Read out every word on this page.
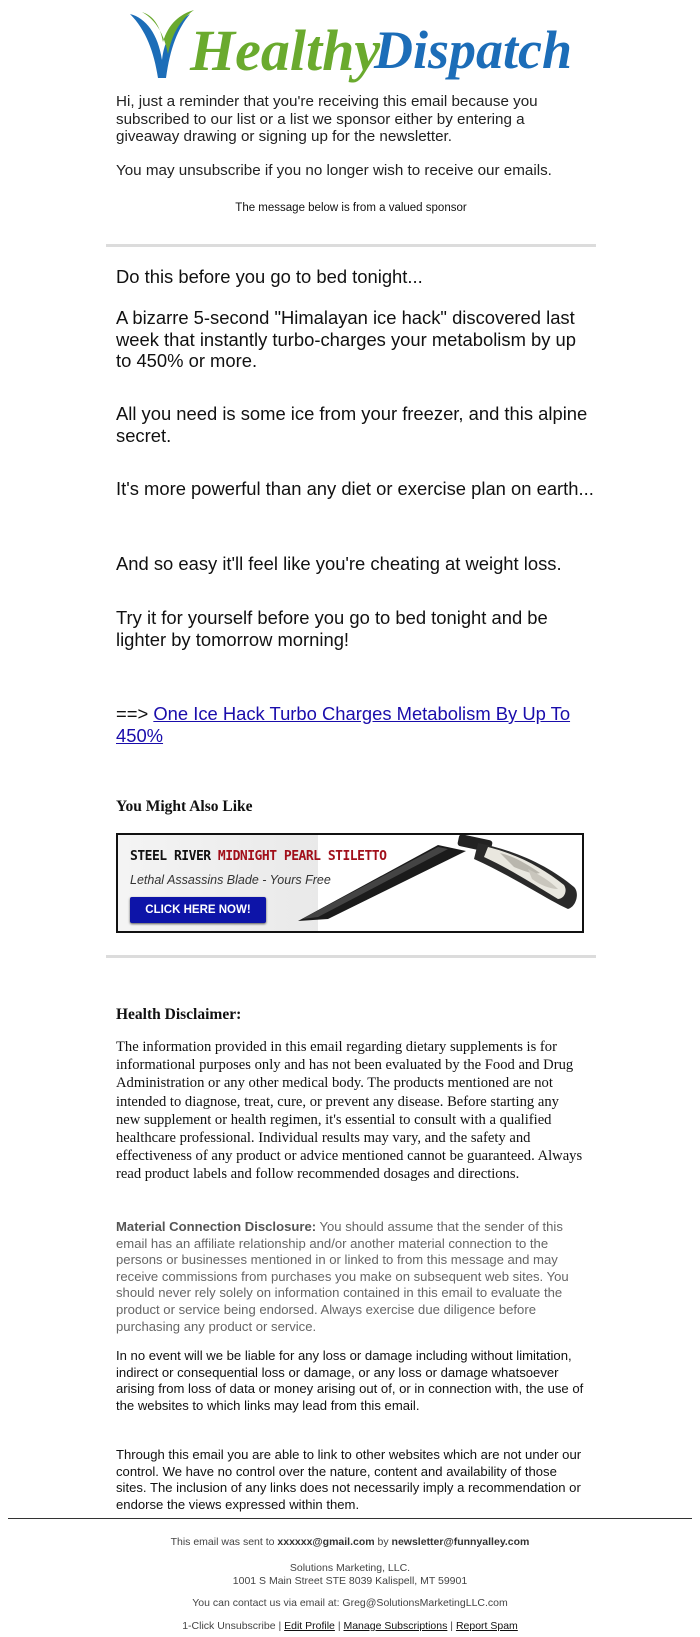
Healthy
Dispatch

Hi, just a reminder that you're receiving this email because you subscribed to our list or a list we sponsor either by entering a giveaway drawing or signing up for the newsletter.

You may unsubscribe if you no longer wish to receive our emails.

The message below is from a valued sponsor

Do this before you go to bed tonight...

A bizarre 5-second "Himalayan ice hack" discovered last week that instantly turbo-charges your metabolism by up to 450% or more.

All you need is some ice from your freezer, and this alpine secret.

It's more powerful than any diet or exercise plan on earth...

And so easy it'll feel like you're cheating at weight loss.

Try it for yourself before you go to bed tonight and be lighter by tomorrow morning!

==> One Ice Hack Turbo Charges Metabolism By Up To 450%

You Might Also Like
STEEL RIVER MIDNIGHT PEARL STILETTO
Lethal Assassins Blade - Yours Free
CLICK HERE NOW!
Health Disclaimer:
The information provided in this email regarding dietary supplements is for informational purposes only and has not been evaluated by the Food and Drug Administration or any other medical body. The products mentioned are not intended to diagnose, treat, cure, or prevent any disease. Before starting any new supplement or health regimen, it's essential to consult with a qualified healthcare professional. Individual results may vary, and the safety and effectiveness of any product or advice mentioned cannot be guaranteed. Always read product labels and follow recommended dosages and directions.
Material Connection Disclosure: You should assume that the sender of this email has an affiliate relationship and/or another material connection to the persons or businesses mentioned in or linked to from this message and may receive commissions from purchases you make on subsequent web sites. You should never rely solely on information contained in this email to evaluate the product or service being endorsed. Always exercise due diligence before purchasing any product or service.
In no event will we be liable for any loss or damage including without limitation, indirect or consequential loss or damage, or any loss or damage whatsoever arising from loss of data or money arising out of, or in connection with, the use of the websites to which links may lead from this email.
Through this email you are able to link to other websites which are not under our control. We have no control over the nature, content and availability of those sites. The inclusion of any links does not necessarily imply a recommendation or endorse the views expressed within them.
This email was sent to xxxxxx@gmail.com by newsletter@funnyalley.com
Solutions Marketing, LLC.
1001 S Main Street STE 8039 Kalispell, MT 59901
You can contact us via email at: Greg@SolutionsMarketingLLC.com
1-Click Unsubscribe | Edit Profile | Manage Subscriptions | Report Spam
